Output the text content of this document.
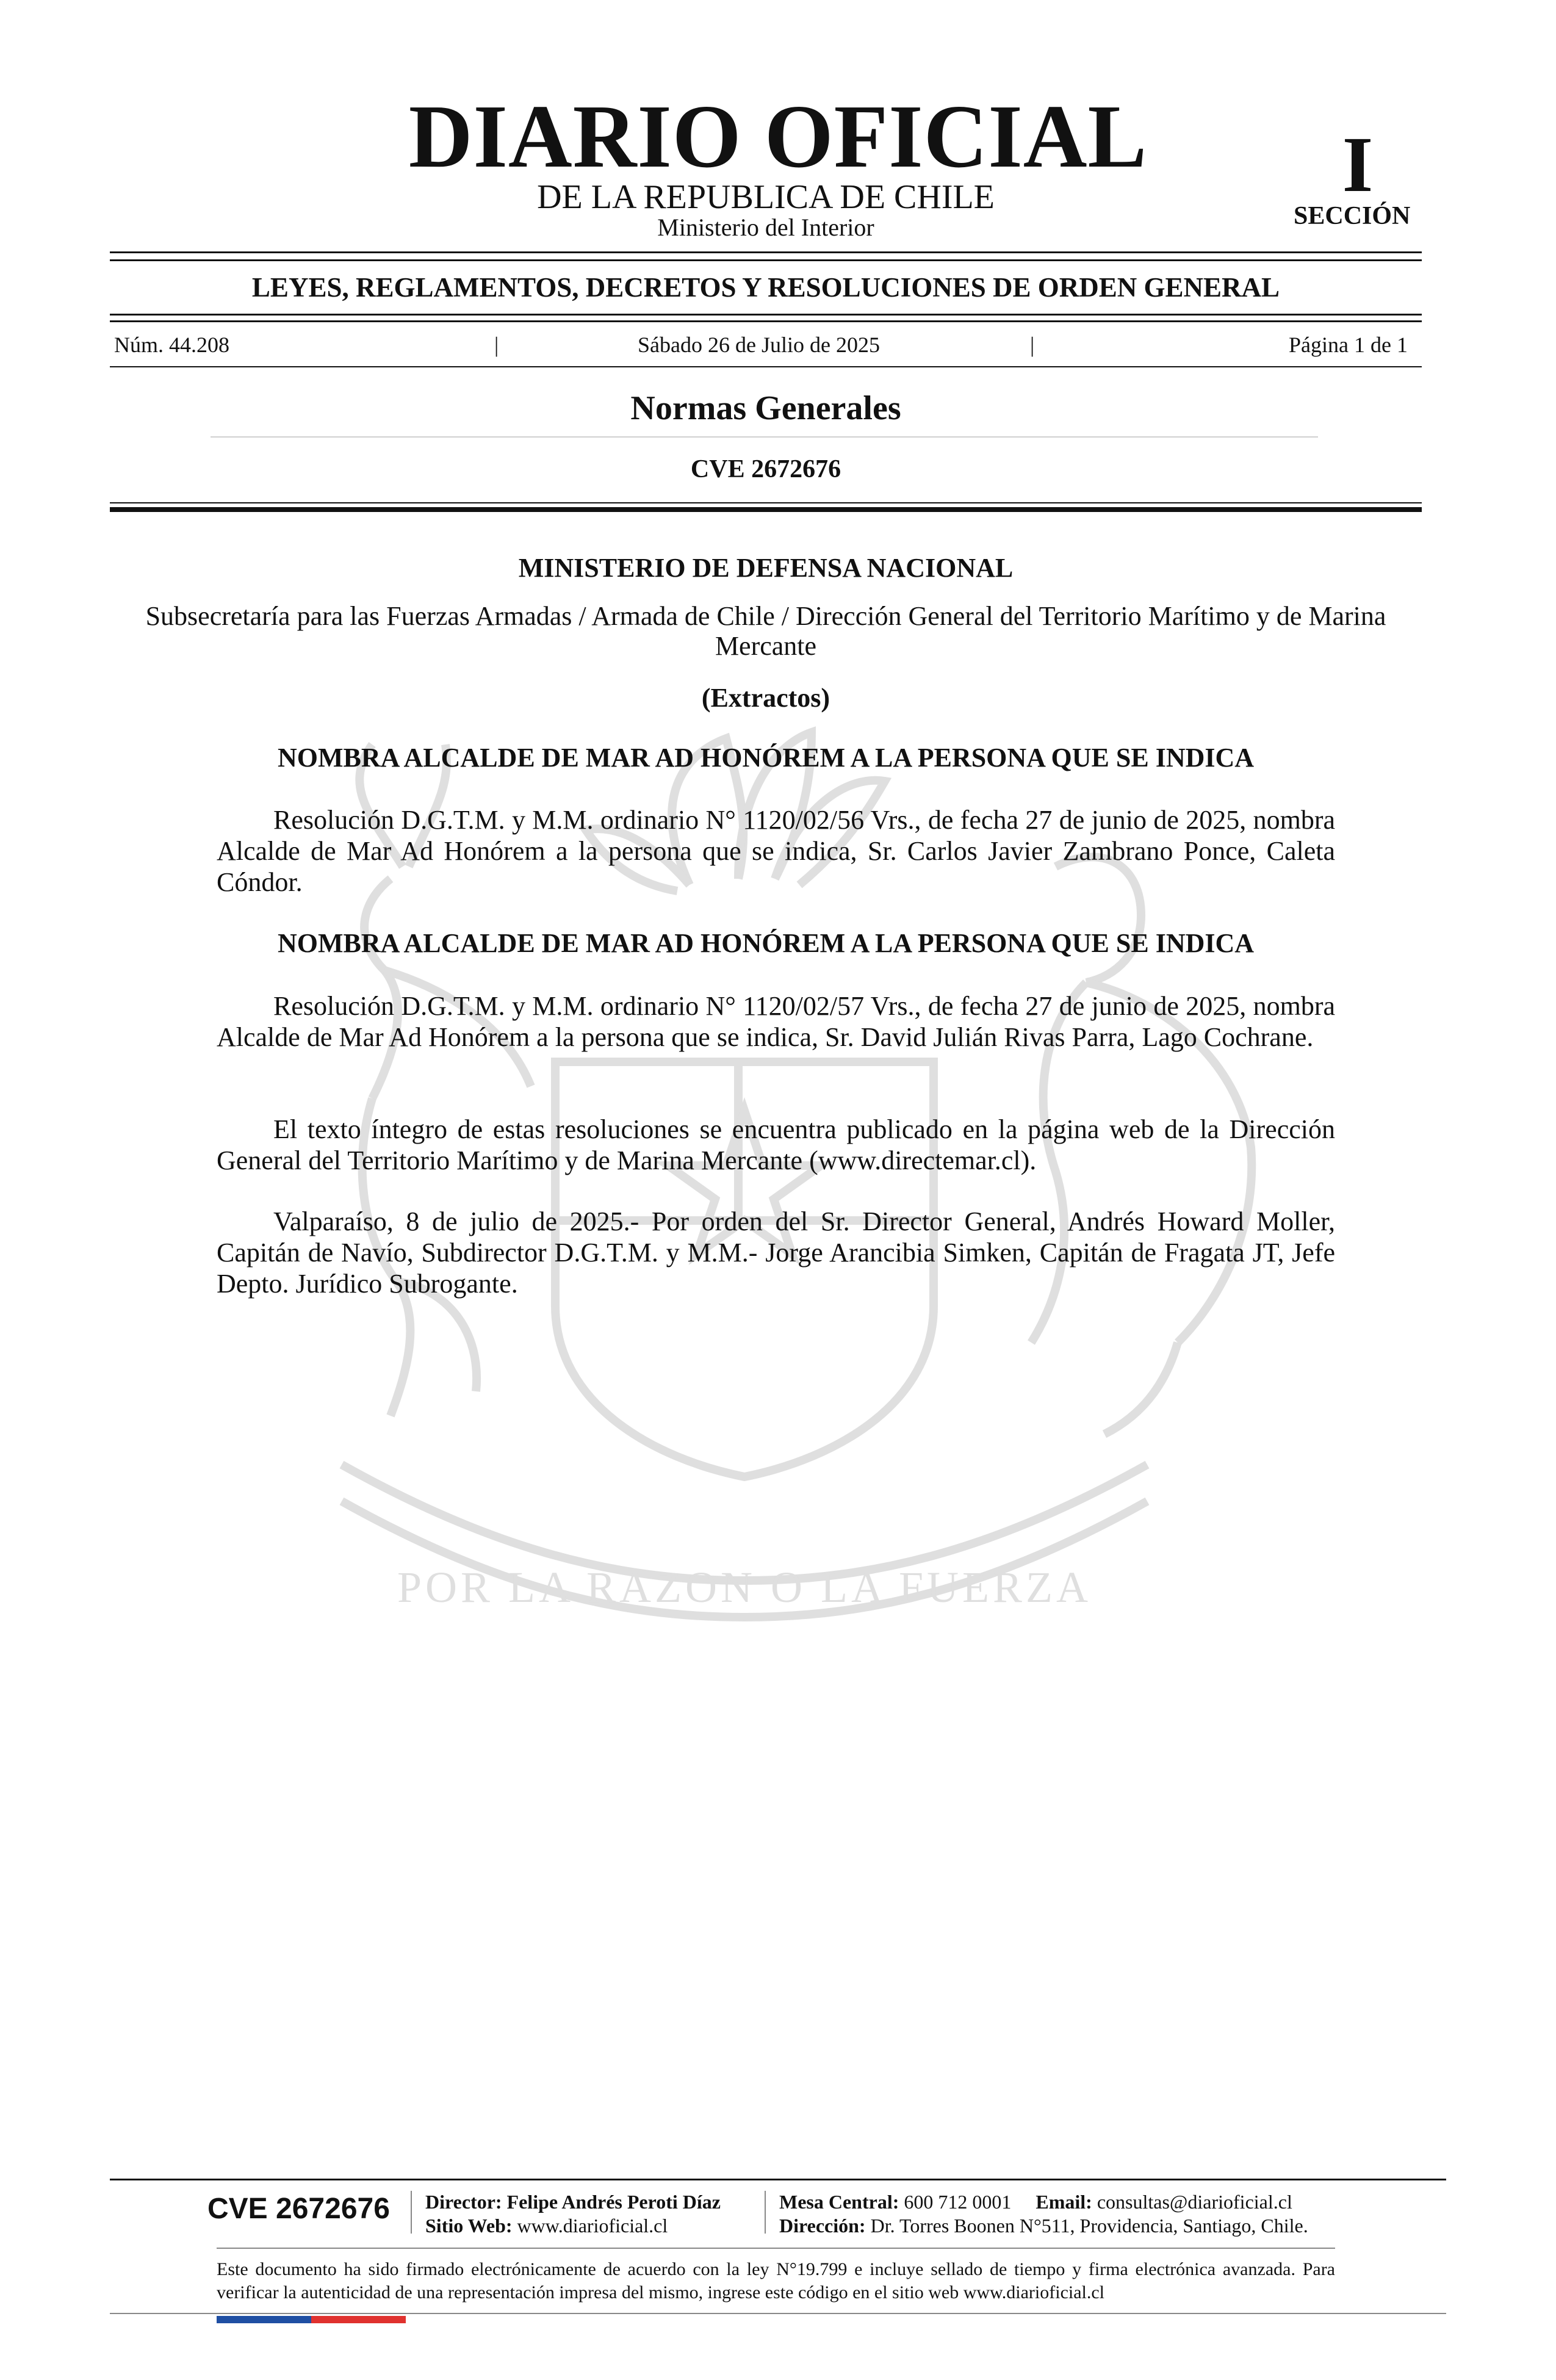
DIARIO OFICIAL
DE LA REPUBLICA DE CHILE
Ministerio del Interior
I
SECCIÓN
LEYES, REGLAMENTOS, DECRETOS Y RESOLUCIONES DE ORDEN GENERAL
Núm. 44.208	|	Sábado 26 de Julio de 2025	|	Página 1 de 1
Normas Generales
CVE 2672676
POR LA RAZON O LA FUERZA
MINISTERIO DE DEFENSA NACIONAL
Subsecretaría para las Fuerzas Armadas / Armada de Chile / Dirección General del Territorio Marítimo y de Marina Mercante
(Extractos)
NOMBRA ALCALDE DE MAR AD HONÓREM A LA PERSONA QUE SE INDICA
Resolución D.G.T.M. y M.M. ordinario N° 1120/02/56 Vrs., de fecha 27 de junio de 2025, nombra Alcalde de Mar Ad Honórem a la persona que se indica, Sr. Carlos Javier Zambrano Ponce, Caleta Cóndor.
NOMBRA ALCALDE DE MAR AD HONÓREM A LA PERSONA QUE SE INDICA
Resolución D.G.T.M. y M.M. ordinario N° 1120/02/57 Vrs., de fecha 27 de junio de 2025, nombra Alcalde de Mar Ad Honórem a la persona que se indica, Sr. David Julián Rivas Parra, Lago Cochrane.
El texto íntegro de estas resoluciones se encuentra publicado en la página web de la Dirección General del Territorio Marítimo y de Marina Mercante (www.directemar.cl).
Valparaíso, 8 de julio de 2025.- Por orden del Sr. Director General, Andrés Howard Moller, Capitán de Navío, Subdirector D.G.T.M. y M.M.- Jorge Arancibia Simken, Capitán de Fragata JT, Jefe Depto. Jurídico Subrogante.
CVE 2672676 Director: Felipe Andrés Peroti Díaz
Sitio Web: www.diarioficial.cl
Mesa Central: 600 712 0001 Email: consultas@diarioficial.cl
Dirección: Dr. Torres Boonen N°511, Providencia, Santiago, Chile.
Este documento ha sido firmado electrónicamente de acuerdo con la ley N°19.799 e incluye sellado de tiempo y firma electrónica avanzada. Para verificar la autenticidad de una representación impresa del mismo, ingrese este código en el sitio web www.diarioficial.cl
